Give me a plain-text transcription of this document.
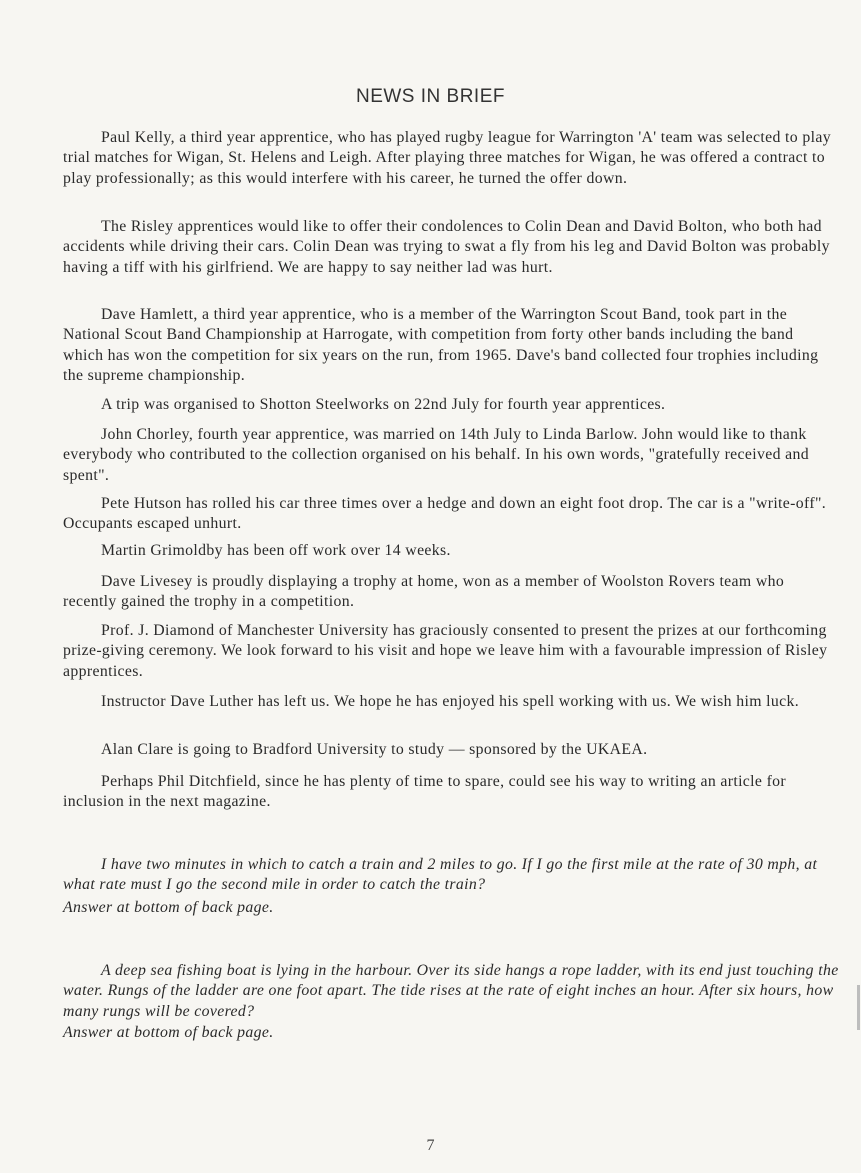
NEWS IN BRIEF

Paul Kelly, a third year apprentice, who has played rugby league for Warrington 'A' team was selected to play trial matches for Wigan, St. Helens and Leigh. After playing three matches for Wigan, he was offered a contract to play professionally; as this would interfere with his career, he turned the offer down.

The Risley apprentices would like to offer their condolences to Colin Dean and David Bolton, who both had accidents while driving their cars. Colin Dean was trying to swat a fly from his leg and David Bolton was probably having a tiff with his girlfriend. We are happy to say neither lad was hurt.

Dave Hamlett, a third year apprentice, who is a member of the Warrington Scout Band, took part in the National Scout Band Championship at Harrogate, with competition from forty other bands including the band which has won the competition for six years on the run, from 1965. Dave's band collected four trophies including the supreme championship.

A trip was organised to Shotton Steelworks on 22nd July for fourth year apprentices.

John Chorley, fourth year apprentice, was married on 14th July to Linda Barlow. John would like to thank everybody who contributed to the collection organised on his behalf. In his own words, "gratefully received and spent".

Pete Hutson has rolled his car three times over a hedge and down an eight foot drop. The car is a "write-off". Occupants escaped unhurt.

Martin Grimoldby has been off work over 14 weeks.

Dave Livesey is proudly displaying a trophy at home, won as a member of Woolston Rovers team who recently gained the trophy in a competition.

Prof. J. Diamond of Manchester University has graciously consented to present the prizes at our forthcoming prize-giving ceremony. We look forward to his visit and hope we leave him with a favourable impression of Risley apprentices.

Instructor Dave Luther has left us. We hope he has enjoyed his spell working with us. We wish him luck.

Alan Clare is going to Bradford University to study — sponsored by the UKAEA.

Perhaps Phil Ditchfield, since he has plenty of time to spare, could see his way to writing an article for inclusion in the next magazine.

I have two minutes in which to catch a train and 2 miles to go. If I go the first mile at the rate of 30 mph, at what rate must I go the second mile in order to catch the train?

Answer at bottom of back page.

A deep sea fishing boat is lying in the harbour. Over its side hangs a rope ladder, with its end just touching the water. Rungs of the ladder are one foot apart. The tide rises at the rate of eight inches an hour. After six hours, how many rungs will be covered?

Answer at bottom of back page.

7
